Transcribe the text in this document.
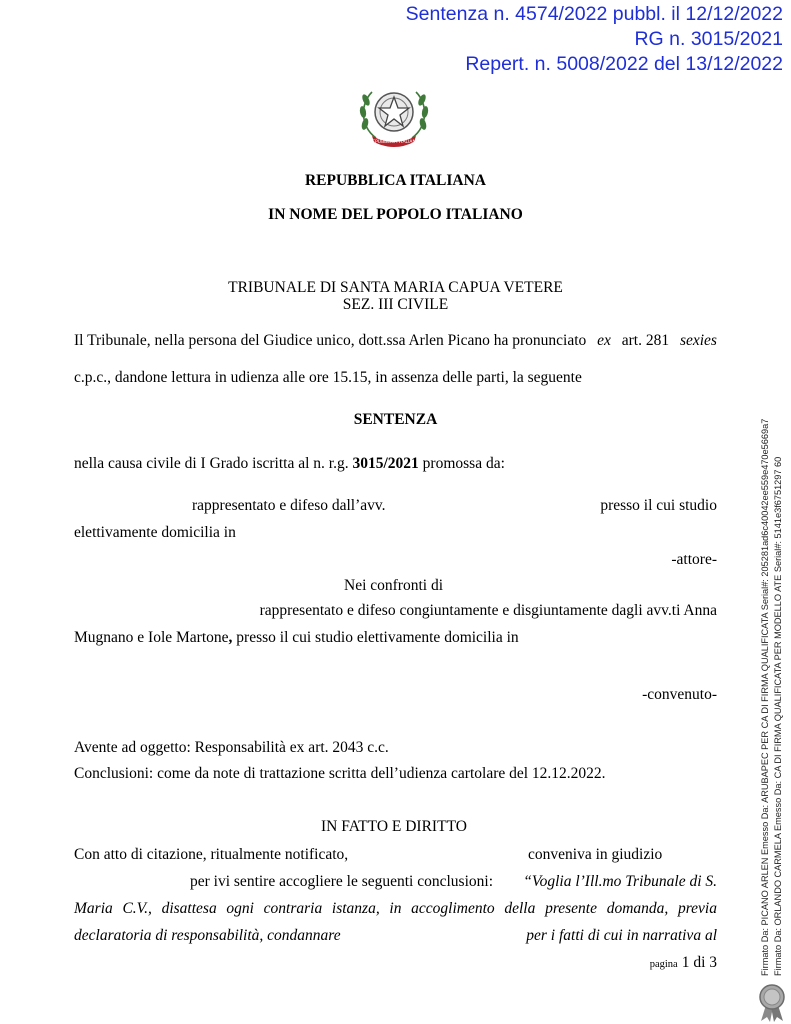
Sentenza n. 4574/2022 pubbl. il 12/12/2022
RG n. 3015/2021
Repert. n. 5008/2022 del 13/12/2022
REPUBBLICA ITALIANA
REPUBBLICA ITALIANA
IN NOME DEL POPOLO ITALIANO
TRIBUNALE DI SANTA MARIA CAPUA VETERE
SEZ. III CIVILE
Il Tribunale, nella persona del Giudice unico, dott.ssa Arlen Picano ha pronunciato ex art. 281 sexies
c.p.c., dandone lettura in udienza alle ore 15.15, in assenza delle parti, la seguente
SENTENZA
nella causa civile di I Grado iscritta al n. r.g. 3015/2021 promossa da:
rappresentato e difeso dall’avv.	presso il cui studio
elettivamente domicilia in
-attore-
Nei confronti di
rappresentato e difeso congiuntamente e disgiuntamente dagli avv.ti Anna
Mugnano e Iole Martone, presso il cui studio elettivamente domicilia in
-convenuto-
Avente ad oggetto: Responsabilità ex art. 2043 c.c.
Conclusioni: come da note di trattazione scritta dell’udienza cartolare del 12.12.2022.
IN FATTO E DIRITTO
Con atto di citazione, ritualmente notificato,	conveniva in giudizio
per ivi sentire accogliere le seguenti conclusioni: “Voglia l’Ill.mo Tribunale di S.
Maria C.V., disattesa ogni contraria istanza, in accoglimento della presente domanda, previa
declaratoria di responsabilità, condannare	per i fatti di cui in narrativa al
pagina 1 di 3	Firmato Da: PICANO ARLEN Emesso Da: ARUBAPEC PER CA DI FIRMA QUALIFICATA Serial#: 205281ad6c40042ee559e470e5669a7 Firmato Da: ORLANDO CARMELA Emesso Da: CA DI FIRMA QUALIFICATA PER MODELLO ATE Serial#: 5141e3f6751297 60
